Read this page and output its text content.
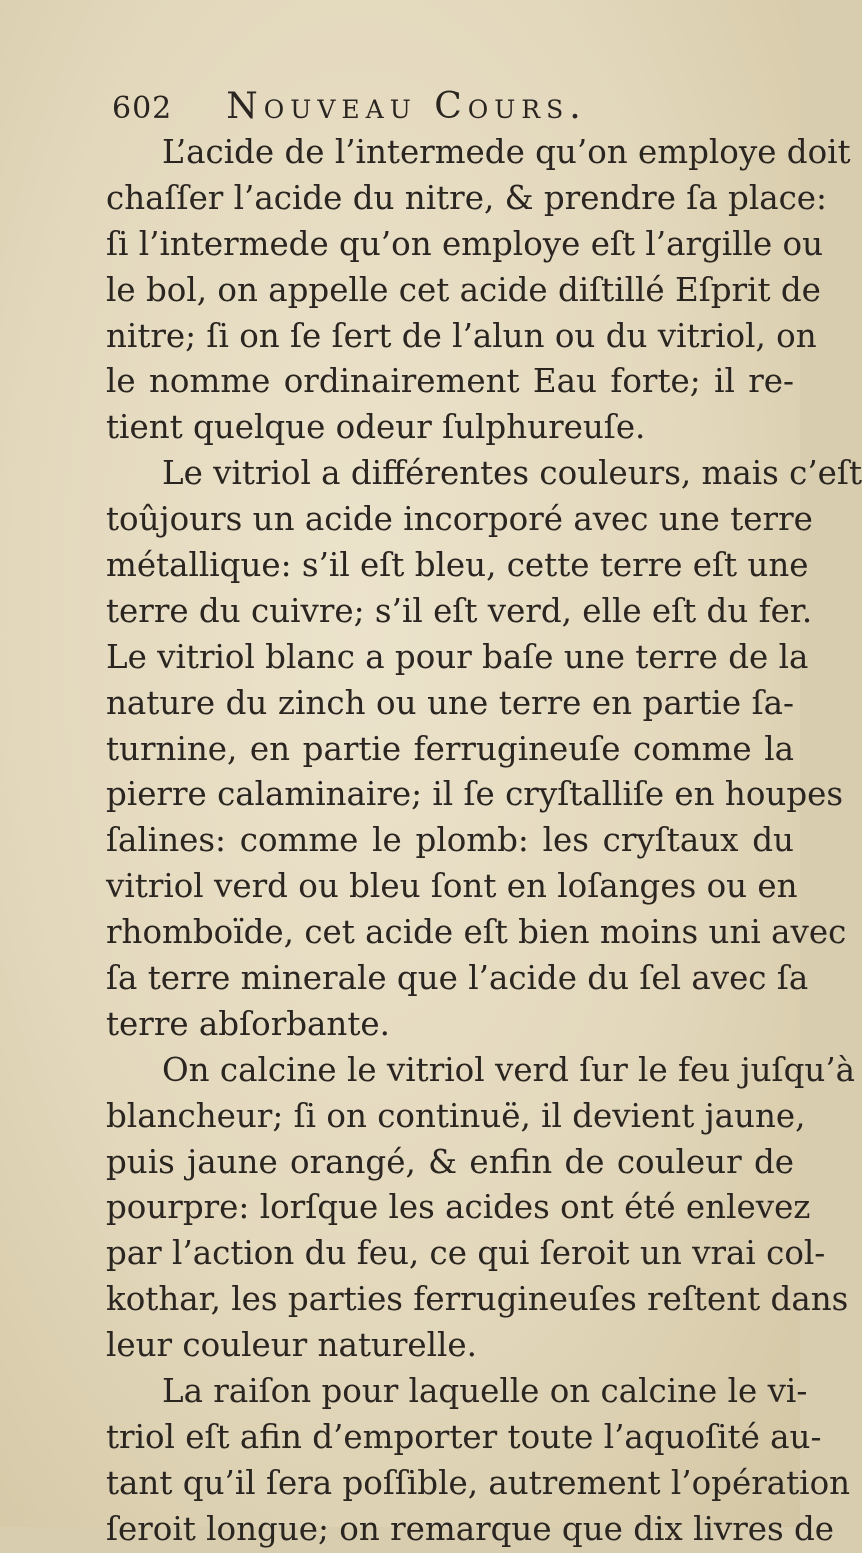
602 Nouveau Cours.
L’acide de l’intermede qu’on employe doit
chaſſer l’acide du nitre, & prendre ſa place:
ſi l’intermede qu’on employe eſt l’argille ou
le bol, on appelle cet acide diſtillé Eſprit de
nitre; ſi on ſe ſert de l’alun ou du vitriol, on
le nomme ordinairement Eau forte; il re-
tient quelque odeur ſulphureuſe.
Le vitriol a différentes couleurs, mais c’eſt
toûjours un acide incorporé avec une terre
métallique: s’il eſt bleu, cette terre eſt une
terre du cuivre; s’il eſt verd, elle eſt du fer.
Le vitriol blanc a pour baſe une terre de la
nature du zinch ou une terre en partie ſa-
turnine, en partie ferrugineuſe comme la
pierre calaminaire; il ſe cryſtalliſe en houpes
ſalines: comme le plomb: les cryſtaux du
vitriol verd ou bleu ſont en loſanges ou en
rhomboïde, cet acide eſt bien moins uni avec
ſa terre minerale que l’acide du ſel avec ſa
terre abſorbante.
On calcine le vitriol verd ſur le feu juſqu’à
blancheur; ſi on continuë, il devient jaune,
puis jaune orangé, & enfin de couleur de
pourpre: lorſque les acides ont été enlevez
par l’action du feu, ce qui ſeroit un vrai col-
kothar, les parties ferrugineuſes reſtent dans
leur couleur naturelle.
La raiſon pour laquelle on calcine le vi-
triol eſt afin d’emporter toute l’aquoſité au-
tant qu’il ſera poſſible, autrement l’opération
ſeroit longue; on remarque que dix livres de
